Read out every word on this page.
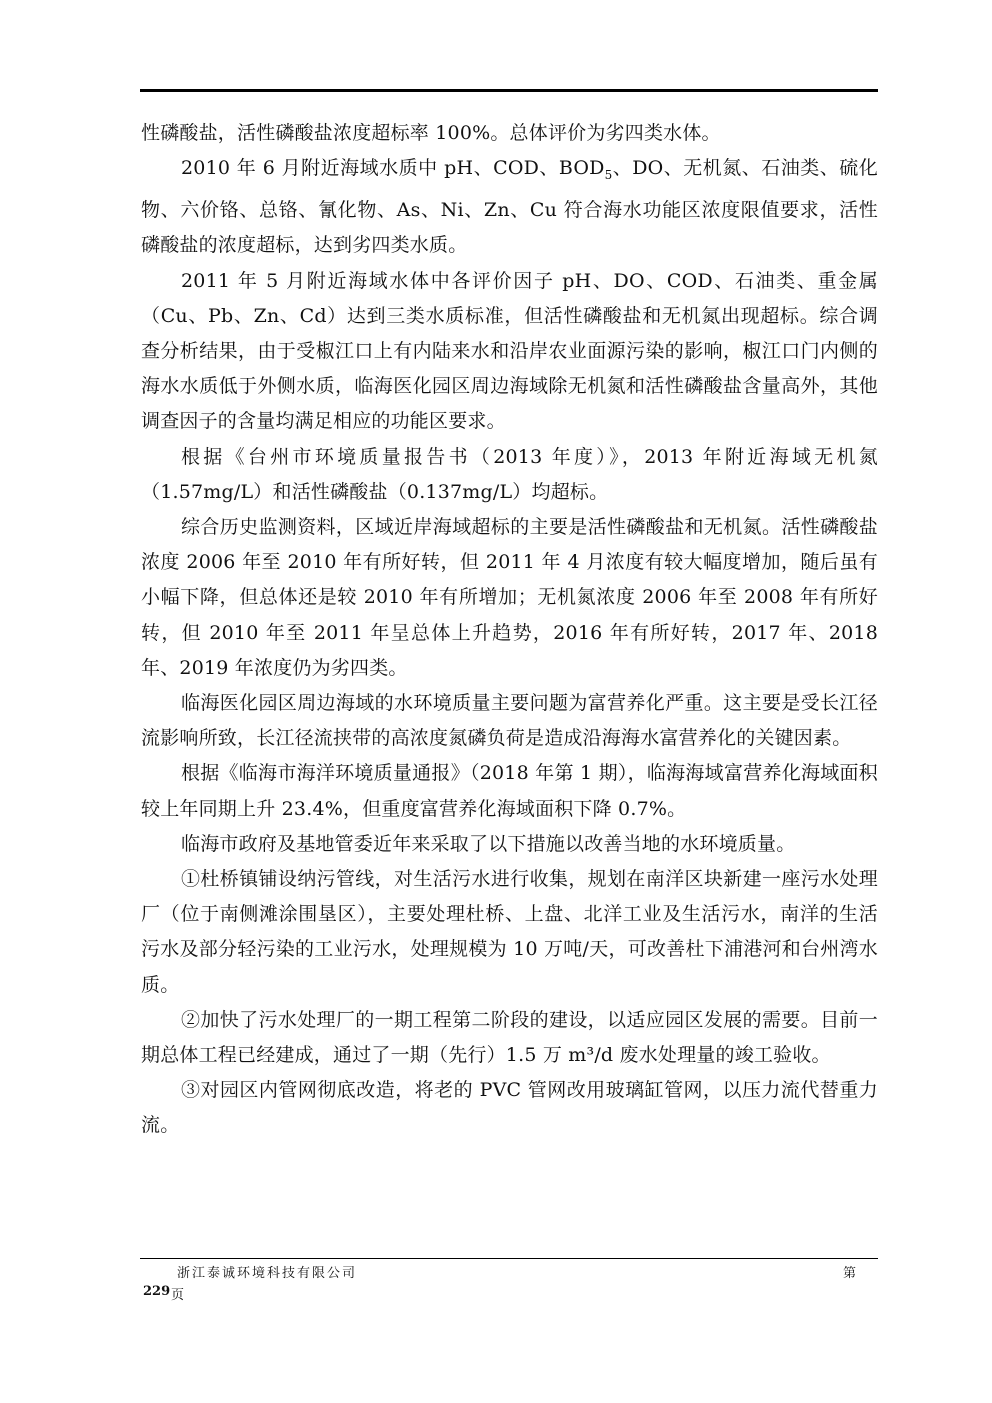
性磷酸盐，活性磷酸盐浓度超标率 100%。总体评价为劣四类水体。

2010 年 6 月附近海域水质中 pH、COD、$BOD_5$、DO、无机氮、石油类、硫化物、六价铬、总铬、氰化物、As、Ni、Zn、Cu 符合海水功能区浓度限值要求，活性磷酸盐的浓度超标，达到劣四类水质。

2011 年 5 月附近海域水体中各评价因子 pH、DO、COD、石油类、重金属（Cu、Pb、Zn、Cd）达到三类水质标准，但活性磷酸盐和无机氮出现超标。综合调查分析结果，由于受椒江口上有内陆来水和沿岸农业面源污染的影响，椒江口门内侧的海水水质低于外侧水质，临海医化园区周边海域除无机氮和活性磷酸盐含量高外，其他调查因子的含量均满足相应的功能区要求。

根据《台州市环境质量报告书（2013 年度）》，2013 年附近海域无机氮（1.57mg/L）和活性磷酸盐（0.137mg/L）均超标。

综合历史监测资料，区域近岸海域超标的主要是活性磷酸盐和无机氮。活性磷酸盐浓度 2006 年至 2010 年有所好转，但 2011 年 4 月浓度有较大幅度增加，随后虽有小幅下降，但总体还是较 2010 年有所增加；无机氮浓度 2006 年至 2008 年有所好转，但 2010 年至 2011 年呈总体上升趋势，2016 年有所好转，2017 年、2018 年、2019 年浓度仍为劣四类。

临海医化园区周边海域的水环境质量主要问题为富营养化严重。这主要是受长江径流影响所致，长江径流挟带的高浓度氮磷负荷是造成沿海海水富营养化的关键因素。

根据《临海市海洋环境质量通报》（2018 年第 1 期），临海海域富营养化海域面积较上年同期上升 23.4%，但重度富营养化海域面积下降 0.7%。

临海市政府及基地管委近年来采取了以下措施以改善当地的水环境质量。

①杜桥镇铺设纳污管线，对生活污水进行收集，规划在南洋区块新建一座污水处理厂（位于南侧滩涂围垦区），主要处理杜桥、上盘、北洋工业及生活污水，南洋的生活污水及部分轻污染的工业污水，处理规模为 10 万吨/天，可改善杜下浦港河和台州湾水质。

②加快了污水处理厂的一期工程第二阶段的建设，以适应园区发展的需要。目前一期总体工程已经建成，通过了一期（先行）1.5 万 m³/d 废水处理量的竣工验收。

③对园区内管网彻底改造，将老的 PVC 管网改用玻璃缸管网，以压力流代替重力流。

浙江泰诚环境科技有限公司	第
229 页
